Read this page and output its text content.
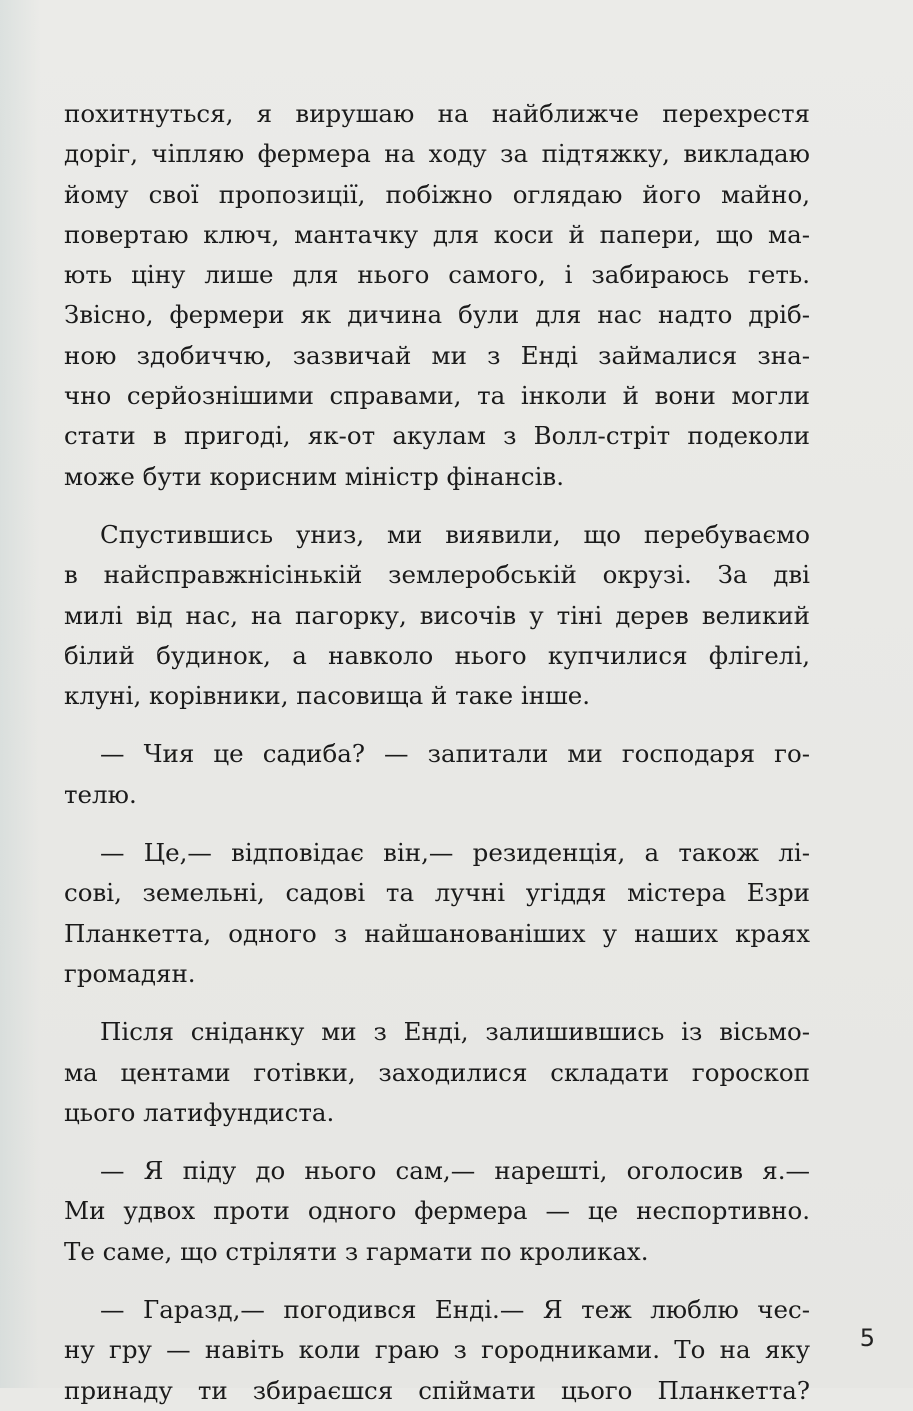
похитнуться, я вирушаю на найближче перехрестя
доріг, чіпляю фермера на ходу за підтяжку, викладаю
йому свої пропозиції, побіжно оглядаю його майно,
повертаю ключ, мантачку для коси й папери, що ма-
ють ціну лише для нього самого, і забираюсь геть.
Звісно, фермери як дичина були для нас надто дріб-
ною здобиччю, зазвичай ми з Енді займалися зна-
чно серйознішими справами, та інколи й вони могли
стати в пригоді, як-от акулам з Волл-стріт подеколи
може бути корисним міністр фінансів.
Спустившись униз, ми виявили, що перебуваємо
в найсправжнісінькій землеробській окрузі. За дві
милі від нас, на пагорку, височів у тіні дерев великий
білий будинок, а навколо нього купчилися флігелі,
клуні, корівники, пасовища й таке інше.
— Чия це садиба? — запитали ми господаря го-
телю.
— Це,— відповідає він,— резиденція, а також лі-
сові, земельні, садові та лучні угіддя містера Езри
Планкетта, одного з найшанованіших у наших краях
громадян.
Після сніданку ми з Енді, залишившись із вісьмо-
ма центами готівки, заходилися складати гороскоп
цього латифундиста.
— Я піду до нього сам,— нарешті, оголосив я.—
Ми удвох проти одного фермера — це неспортивно.
Те саме, що стріляти з гармати по кроликах.
— Гаразд,— погодився Енді.— Я теж люблю чес-
ну гру — навіть коли граю з городниками. То на яку
принаду ти збираєшся спіймати цього Планкетта?
5
